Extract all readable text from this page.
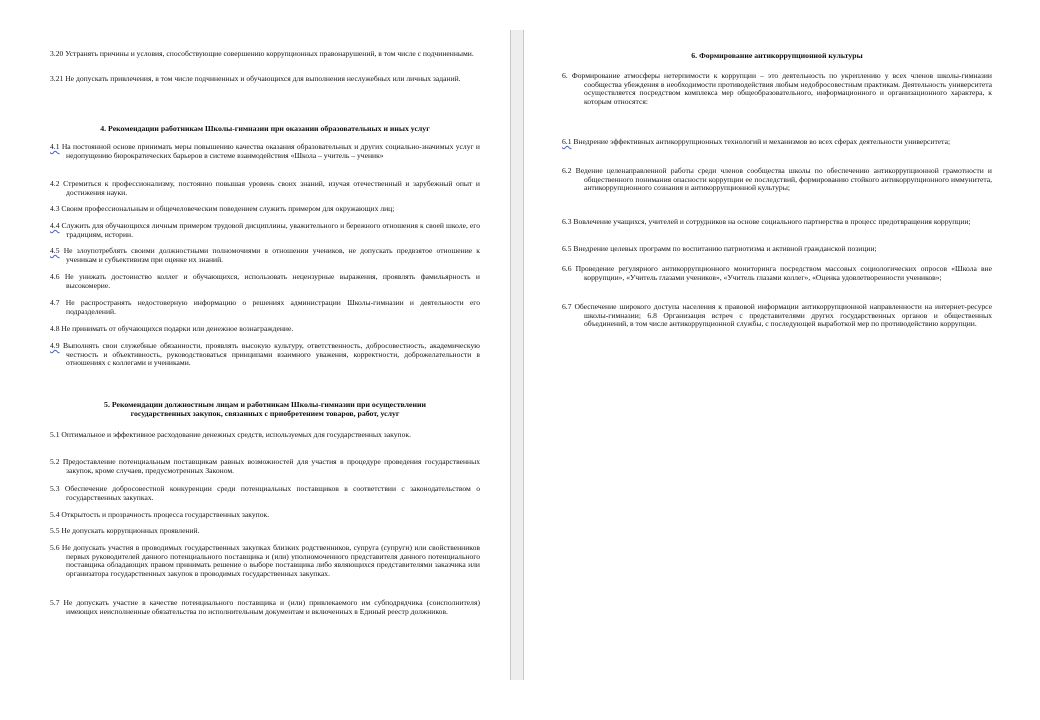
3.20 Устранять причины и условия, способствующие совершению коррупционных правонарушений, в том числе с подчиненными.

3.21 Не допускать привлечения, в том числе подчиненных и обучающихся для выполнения неслужебных или личных заданий.

4. Рекомендации работникам Школы-гимназии при оказании образовательных и иных услуг

4.1 На постоянной основе принимать меры повышению качества оказания образовательных и других социально-значимых услуг и недопущению бюрократических барьеров в системе взаимодействия «Школа – учитель – ученик»

4.2 Стремиться к профессионализму, постоянно повышая уровень своих знаний, изучая отечественный и зарубежный опыт и достижения науки.

4.3 Своим профессиональным и общечеловеческим поведением служить примером для окружающих лиц;

4.4 Служить для обучающихся личным примером трудовой дисциплины, уважительного и бережного отношения к своей школе, его традициям, истории.

4.5 Не злоупотреблять своими должностными полномочиями в отношении учеников, не допускать предвзятое отношение к ученикам и субъективизм при оценке их знаний.

4.6 Не унижать достоинство коллег и обучающихся, использовать нецензурные выражения, проявлять фамильярность и высокомерие.

4.7 Не распространять недостоверную информацию о решениях администрации Школы-гимназии и деятельности его подразделений.

4.8 Не принимать от обучающихся подарки или денежное вознаграждение.

4.9 Выполнять свои служебные обязанности, проявлять высокую культуру, ответственность, добросовестность, академическую честность и объективность, руководствоваться принципами взаимного уважения, корректности, доброжелательности в отношениях с коллегами и учениками.

5. Рекомендации должностным лицам и работникам Школы-гимназии при осуществлении

государственных закупок, связанных с приобретением товаров, работ, услуг

5.1 Оптимальное и эффективное расходование денежных средств, используемых для государственных закупок.

5.2 Предоставление потенциальным поставщикам равных возможностей для участия в процедуре проведения государственных закупок, кроме случаев, предусмотренных Законом.

5.3 Обеспечение добросовестной конкуренции среди потенциальных поставщиков в соответствии с законодательством о государственных закупках.

5.4 Открытость и прозрачность процесса государственных закупок.

5.5 Не допускать коррупционных проявлений.

5.6 Не допускать участия в проводимых государственных закупках близких родственников, супруга (супруги) или свойственников первых руководителей данного потенциального поставщика и (или) уполномоченного представителя данного потенциального поставщика обладающих правом принимать решение о выборе поставщика либо являющихся представителями заказчика или организатора государственных закупок в проводимых государственных закупках.

5.7 Не допускать участие в качестве потенциального поставщика и (или) привлекаемого им субподрядчика (соисполнителя) имеющих неисполненные обязательства по исполнительным документам и включенных в Единый реестр должников.

6. Формирование антикоррупционной культуры

6. Формирование атмосферы нетерпимости к коррупции – это деятельность по укреплению у всех членов школы-гимназии сообщества убеждения в необходимости противодействия любым недобросовестным практикам. Деятельность университета осуществляется посредством комплекса мер общеобразовательного, информационного и организационного характера, к которым относятся:

6.1 Внедрение эффективных антикоррупционных технологий и механизмов во всех сферах деятельности университета;

6.2 Ведение целенаправленной работы среди членов сообщества школы по обеспечению антикоррупционной грамотности и общественного понимания опасности коррупции ее последствий, формированию стойкого антикоррупционного иммунитета, антикоррупционного сознания и антикоррупционной культуры;

6.3 Вовлечение учащихся, учителей и сотрудников на основе социального партнерства в процесс предотвращения коррупции;

6.5 Внедрение целевых программ по воспитанию патриотизма и активной гражданской позиции;

6.6 Проведение регулярного антикоррупционного мониторинга посредством массовых социологических опросов «Школа вне коррупции», «Учитель глазами учеников», «Учитель глазами коллег», «Оценка удовлетворенности учеников»;

6.7 Обеспечение широкого доступа населения к правовой информации антикоррупционной направленности на интернет-ресурсе школы-гимназии; 6.8 Организация встреч с представителями других государственных органов и общественных объединений, в том числе антикоррупционной службы, с последующей выработкой мер по противодействию коррупции.
